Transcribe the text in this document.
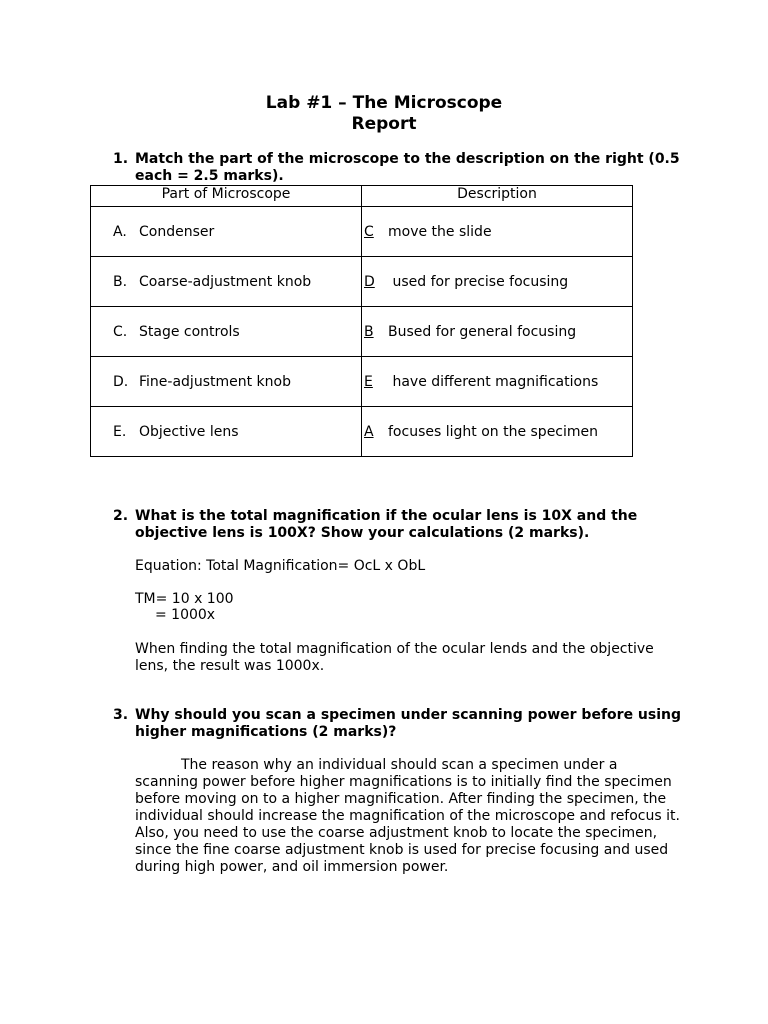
Lab #1 – The Microscope
Report
1. Match the part of the microscope to the description on the right (0.5 each = 2.5 marks).
Part of Microscope	Description
A. Condenser	Cmove the slide
B. Coarse-adjustment knob	D used for precise focusing
C. Stage controls	BBused for general focusing
D. Fine-adjustment knob	E have different magnifications
E. Objective lens	Afocuses light on the specimen
2. What is the total magnification if the ocular lens is 10X and the objective lens is 100X? Show your calculations (2 marks).
Equation: Total Magnification= OcL x ObL
TM= 10 x 100
= 1000x
When finding the total magnification of the ocular lends and the objective lens, the result was 1000x.
3. Why should you scan a specimen under scanning power before using higher magnifications (2 marks)?
The reason why an individual should scan a specimen under a scanning power before higher magnifications is to initially find the specimen before moving on to a higher magnification. After finding the specimen, the individual should increase the magnification of the microscope and refocus it. Also, you need to use the coarse adjustment knob to locate the specimen, since the fine coarse adjustment knob is used for precise focusing and used during high power, and oil immersion power.
